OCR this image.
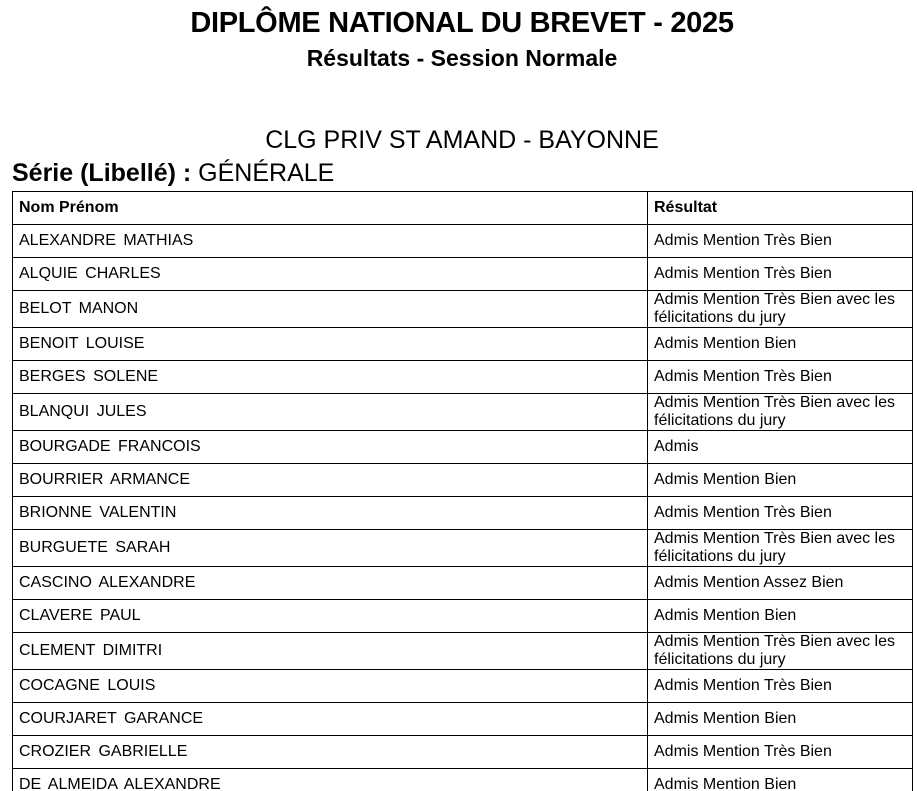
DIPLÔME NATIONAL DU BREVET - 2025
Résultats - Session Normale
CLG PRIV ST AMAND - BAYONNE
Série (Libellé) : GÉNÉRALE
Nom Prénom	Résultat
ALEXANDRE MATHIAS	Admis Mention Très Bien
ALQUIE CHARLES	Admis Mention Très Bien
BELOT MANON	Admis Mention Très Bien avec les félicitations du jury
BENOIT LOUISE	Admis Mention Bien
BERGES SOLENE	Admis Mention Très Bien
BLANQUI JULES	Admis Mention Très Bien avec les félicitations du jury
BOURGADE FRANCOIS	Admis
BOURRIER ARMANCE	Admis Mention Bien
BRIONNE VALENTIN	Admis Mention Très Bien
BURGUETE SARAH	Admis Mention Très Bien avec les félicitations du jury
CASCINO ALEXANDRE	Admis Mention Assez Bien
CLAVERE PAUL	Admis Mention Bien
CLEMENT DIMITRI	Admis Mention Très Bien avec les félicitations du jury
COCAGNE LOUIS	Admis Mention Très Bien
COURJARET GARANCE	Admis Mention Bien
CROZIER GABRIELLE	Admis Mention Très Bien
DE ALMEIDA ALEXANDRE	Admis Mention Bien
